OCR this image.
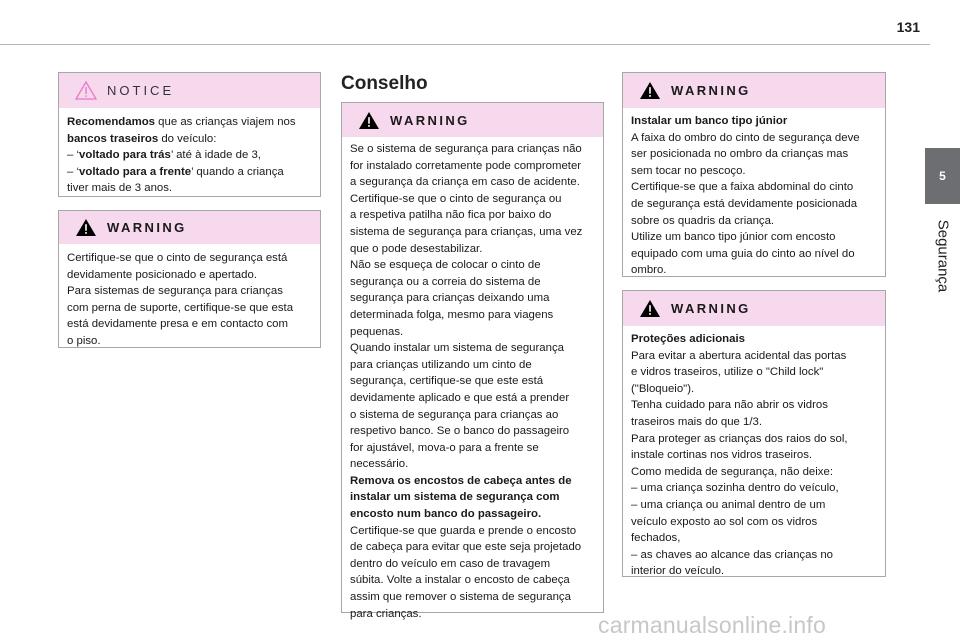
131
5
Segurança
NOTICE

Recomendamos que as crianças viajem nos

bancos traseiros do veículo:

– ‘voltado para trás’ até à idade de 3,

– ‘voltado para a frente’ quando a criança

tiver mais de 3 anos.

WARNING

Certifique-se que o cinto de segurança está

devidamente posicionado e apertado.

Para sistemas de segurança para crianças

com perna de suporte, certifique-se que esta

está devidamente presa e em contacto com

o piso.

Conselho
WARNING

Se o sistema de segurança para crianças não

for instalado corretamente pode comprometer

a segurança da criança em caso de acidente.

Certifique-se que o cinto de segurança ou

a respetiva patilha não fica por baixo do

sistema de segurança para crianças, uma vez

que o pode desestabilizar.

Não se esqueça de colocar o cinto de

segurança ou a correia do sistema de

segurança para crianças deixando uma

determinada folga, mesmo para viagens

pequenas.

Quando instalar um sistema de segurança

para crianças utilizando um cinto de

segurança, certifique-se que este está

devidamente aplicado e que está a prender

o sistema de segurança para crianças ao

respetivo banco. Se o banco do passageiro

for ajustável, mova-o para a frente se

necessário.

Remova os encostos de cabeça antes de

instalar um sistema de segurança com

encosto num banco do passageiro.

Certifique-se que guarda e prende o encosto

de cabeça para evitar que este seja projetado

dentro do veículo em caso de travagem

súbita. Volte a instalar o encosto de cabeça

assim que remover o sistema de segurança

para crianças.

WARNING

Instalar um banco tipo júnior

A faixa do ombro do cinto de segurança deve

ser posicionada no ombro da crianças mas

sem tocar no pescoço.

Certifique-se que a faixa abdominal do cinto

de segurança está devidamente posicionada

sobre os quadris da criança.

Utilize um banco tipo júnior com encosto

equipado com uma guia do cinto ao nível do

ombro.

WARNING

Proteções adicionais

Para evitar a abertura acidental das portas

e vidros traseiros, utilize o "Child lock"

("Bloqueio").

Tenha cuidado para não abrir os vidros

traseiros mais do que 1/3.

Para proteger as crianças dos raios do sol,

instale cortinas nos vidros traseiros.

Como medida de segurança, não deixe:

– uma criança sozinha dentro do veículo,

– uma criança ou animal dentro de um

veículo exposto ao sol com os vidros

fechados,

– as chaves ao alcance das crianças no

interior do veículo.

carmanualsonline.info
